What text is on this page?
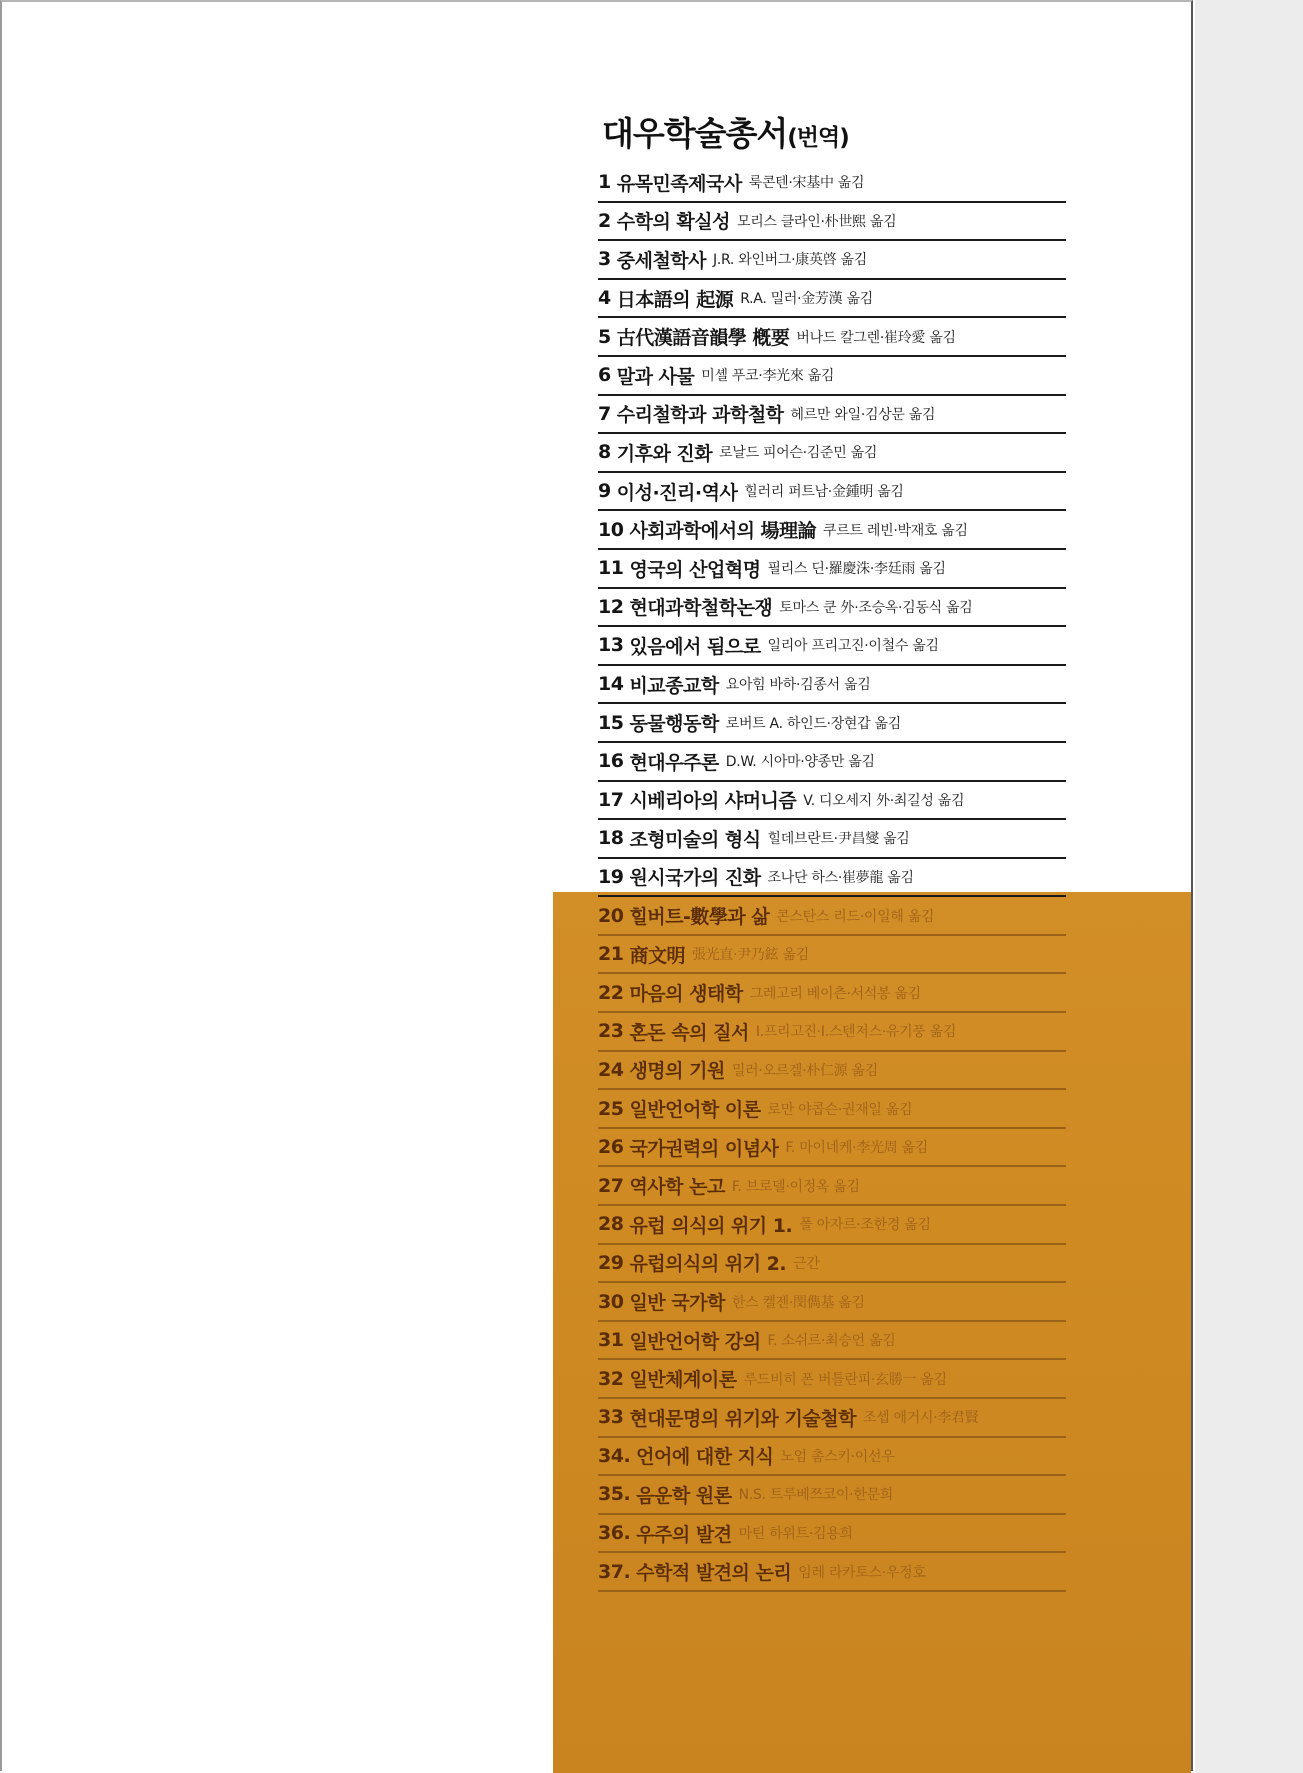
대우학술총서(번역)
1 유목민족제국사 룩콘텐·宋基中 옮김
2 수학의 확실성 모리스 클라인·朴世熙 옮김
3 중세철학사 J.R. 와인버그·康英啓 옮김
4 日本語의 起源 R.A. 밀러·金芳漢 옮김
5 古代漢語音韻學 槪要 버나드 칼그렌·崔玲愛 옮김
6 말과 사물 미셸 푸코·李光來 옮김
7 수리철학과 과학철학 헤르만 와일·김상문 옮김
8 기후와 진화 로날드 피어슨·김준민 옮김
9 이성·진리·역사 힐러리 퍼트남·金鍾明 옮김
10 사회과학에서의 場理論 쿠르트 레빈·박재호 옮김
11 영국의 산업혁명 필리스 딘·羅慶洙·李廷雨 옮김
12 현대과학철학논쟁 토마스 쿤 外·조승옥·김동식 옮김
13 있음에서 됨으로 일리아 프리고진·이철수 옮김
14 비교종교학 요아힘 바하·김종서 옮김
15 동물행동학 로버트 A. 하인드·장현갑 옮김
16 현대우주론 D.W. 시아마·양종만 옮김
17 시베리아의 샤머니즘 V. 디오세지 外·최길성 옮김
18 조형미술의 형식 힐데브란트·尹昌燮 옮김
19 원시국가의 진화 조나단 하스·崔夢龍 옮김
20 힐버트-數學과 삶 콘스탄스 리드·이일해 옮김
21 商文明 張光直·尹乃鉉 옮김
22 마음의 생태학 그레고리 베이츤·서석봉 옮김
23 혼돈 속의 질서 I.프리고진·I.스텐저스·유기풍 옮김
24 생명의 기원 밀러·오르겔·朴仁源 옮김
25 일반언어학 이론 로만 야콥슨·권재일 옮김
26 국가권력의 이념사 F. 마이네케·李光周 옮김
27 역사학 논고 F. 브로델·이정옥 옮김
28 유럽 의식의 위기 1. 폴 아자르·조한경 옮김
29 유럽의식의 위기 2. 근간
30 일반 국가학 한스 켈젠·閔儁基 옮김
31 일반언어학 강의 F. 소쉬르·최승언 옮김
32 일반체계이론 루드비히 폰 버틀란피·玄勝一 옮김
33 현대문명의 위기와 기술철학 조셉 애거시·李君賢
34. 언어에 대한 지식 노엄 촘스키·이선우
35. 음운학 원론 N.S. 트루베쯔코이·한문희
36. 우주의 발견 마틴 하위트·김용희
37. 수학적 발견의 논리 임레 라카토스·우정호
